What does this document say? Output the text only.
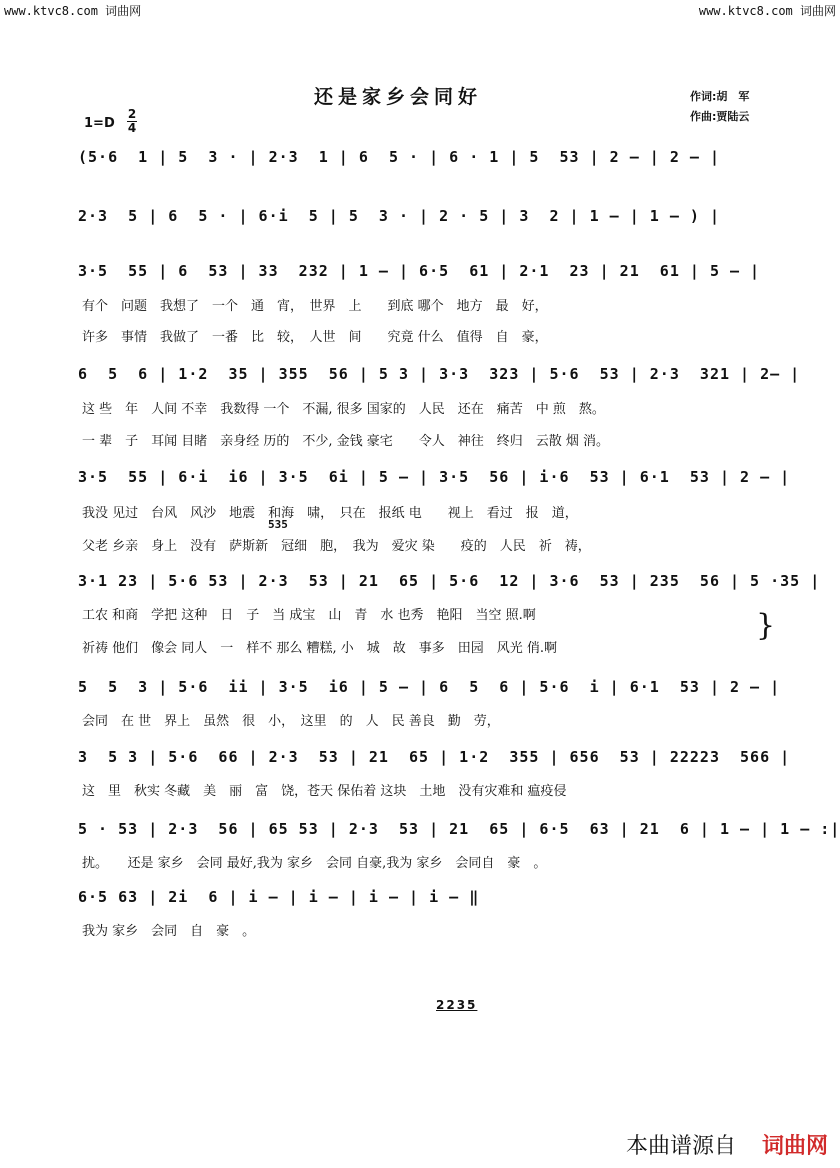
www.ktvc8.com 词曲网	www.ktvc8.com 词曲网
还是家乡会同好	作词:胡　军
作曲:贾陆云
1=D
2
4
(5·6  1 | 5  3 · | 2·3  1 | 6  5 · | 6 · 1 | 5  53 | 2 — | 2 — |
2·3  5 | 6  5 · | 6·i  5 | 5  3 · | 2 · 5 | 3  2 | 1 — | 1 — ) |
3·5  55 | 6  53 | 33  232 | 1 — | 6·5  61 | 2·1  23 | 21  61 | 5 — |
有个　问题　我想了　一个　通　宵，　世界　上　　到底 哪个　地方　最　好，
许多　事情　我做了　一番　比　较，　人世　间　　究竟 什么　值得　自　豪，
6  5  6 | 1·2  35 | 355  56 | 5 3 | 3·3  323 | 5·6  53 | 2·3  321 | 2— |
这 些　年　人间 不幸　我数得 一个　不漏, 很多 国家的　人民　还在　痛苦　中 煎　熬。
一 辈　子　耳闻 目睹　亲身经 历的　不少, 金钱 豪宅　　令人　神往　终归　云散 烟 消。
3·5  55 | 6·i  i6 | 3·5  6i | 5 — | 3·5  56 | i·6  53 | 6·1  53 | 2 — |
我没 见过　台风　风沙　地震　和海　啸，　只在　报纸 电　　视上　看过　报　道，
535
父老 乡亲　身上　没有　萨斯新　冠细　胞，　我为　爱灾 染　　疫的　人民　祈　祷，
3·1 23 | 5·6 53 | 2·3  53 | 21  65 | 5·6  12 | 3·6  53 | 235  56 | 5 ·35 |
工农 和商　学把 这种　日　子　当 成宝　山　青　水 也秀　艳阳　当空 照.啊
祈祷 他们　像会 同人　一　样不 那么 糟糕, 小　城　故　事多　田园　风光 俏.啊
}
5  5  3 | 5·6  ii | 3·5  i6 | 5 — | 6  5  6 | 5·6  i | 6·1  53 | 2 — |
会同　在 世　界上　虽然　很　小，　这里　的　人　民 善良　勤　劳，
3  5 3 | 5·6  66 | 2·3  53 | 21  65 | 1·2  355 | 656  53 | 22223  566 |
这　里　秋实 冬藏　美　丽　富　饶，苍天 保佑着 这块　土地　没有灾难和 瘟疫侵
5 · 53 | 2·3  56 | 65 53 | 2·3  53 | 21  65 | 6·5  63 | 21  6 | 1 — | 1 — :|
扰。　　还是 家乡　会同 最好,我为 家乡　会同 自豪,我为 家乡　会同自　豪　。
6·5 63 | 2i  6 | i — | i — | i — | i — ‖
我为 家乡　会同　自　豪　。
2235
本曲谱源自 词曲网
